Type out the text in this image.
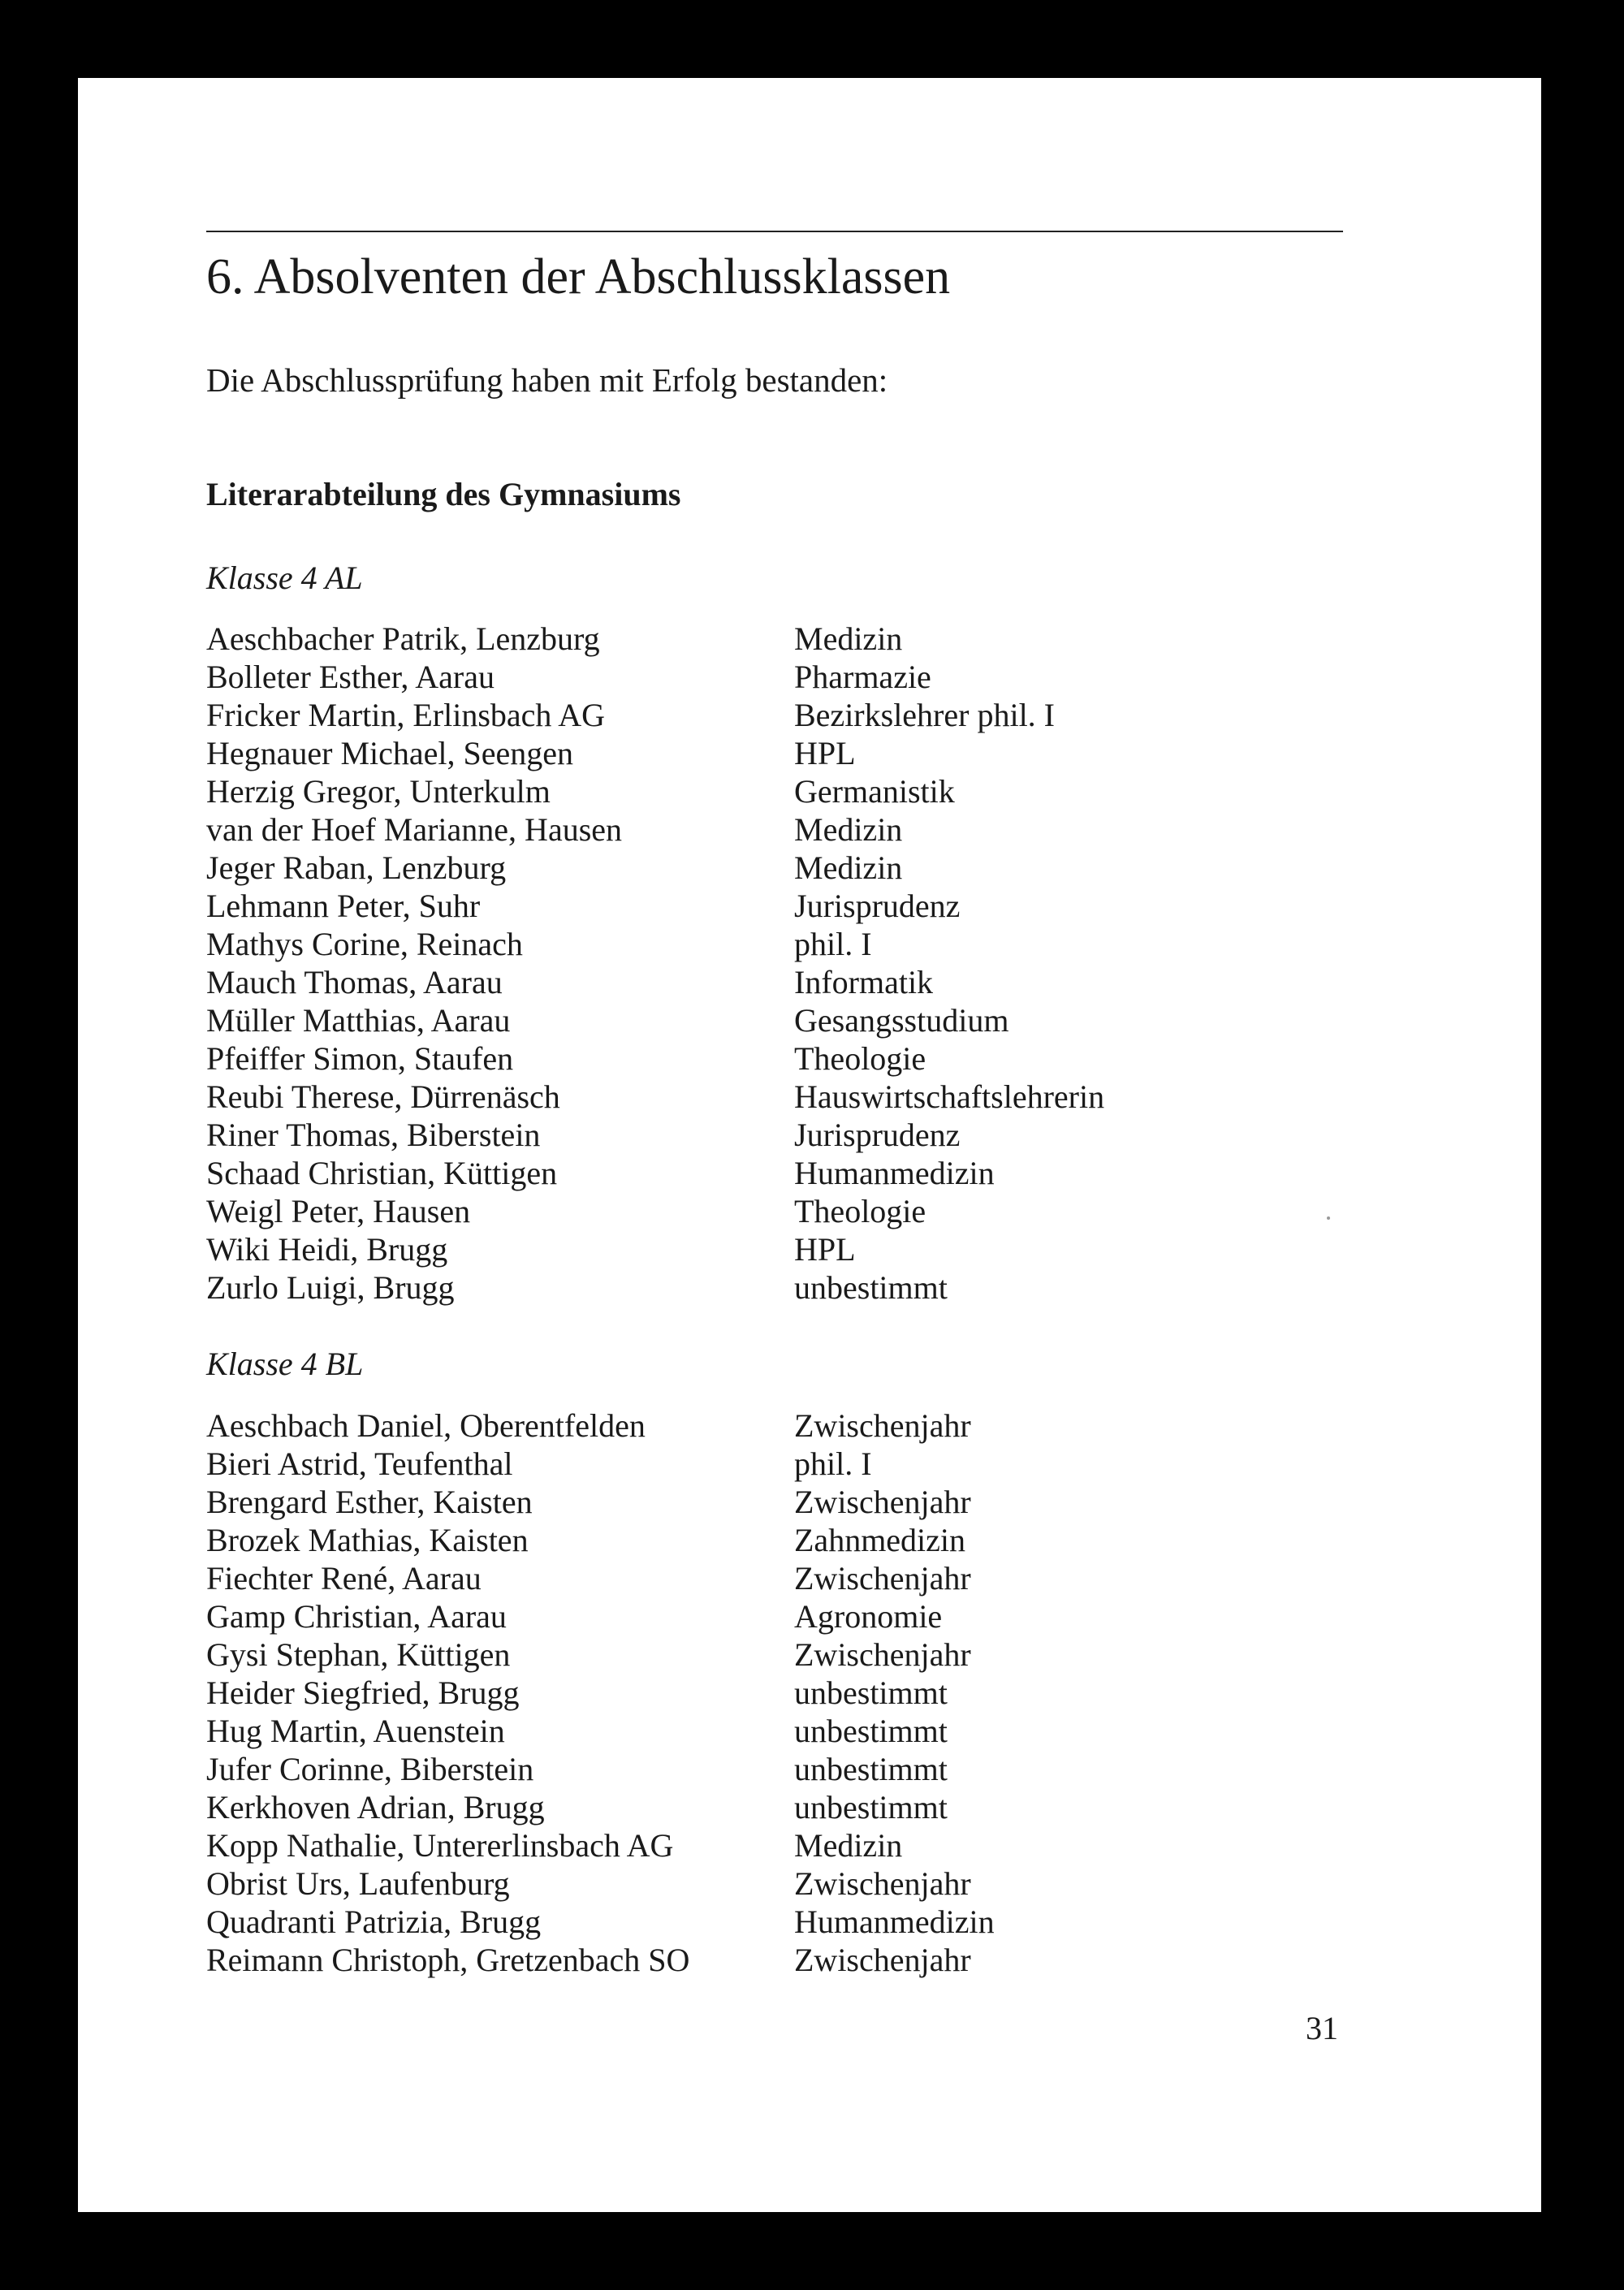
6. Absolventen der Abschlussklassen
Die Abschlussprüfung haben mit Erfolg bestanden:
Literarabteilung des Gymnasiums
Klasse 4 AL
Aeschbacher Patrik, Lenzburg	Medizin
Bolleter Esther, Aarau	Pharmazie
Fricker Martin, Erlinsbach AG	Bezirkslehrer phil. I
Hegnauer Michael, Seengen	HPL
Herzig Gregor, Unterkulm	Germanistik
van der Hoef Marianne, Hausen	Medizin
Jeger Raban, Lenzburg	Medizin
Lehmann Peter, Suhr	Jurisprudenz
Mathys Corine, Reinach	phil. I
Mauch Thomas, Aarau	Informatik
Müller Matthias, Aarau	Gesangsstudium
Pfeiffer Simon, Staufen	Theologie
Reubi Therese, Dürrenäsch	Hauswirtschaftslehrerin
Riner Thomas, Biberstein	Jurisprudenz
Schaad Christian, Küttigen	Humanmedizin
Weigl Peter, Hausen	Theologie
Wiki Heidi, Brugg	HPL
Zurlo Luigi, Brugg	unbestimmt
Klasse 4 BL
Aeschbach Daniel, Oberentfelden	Zwischenjahr
Bieri Astrid, Teufenthal	phil. I
Brengard Esther, Kaisten	Zwischenjahr
Brozek Mathias, Kaisten	Zahnmedizin
Fiechter René, Aarau	Zwischenjahr
Gamp Christian, Aarau	Agronomie
Gysi Stephan, Küttigen	Zwischenjahr
Heider Siegfried, Brugg	unbestimmt
Hug Martin, Auenstein	unbestimmt
Jufer Corinne, Biberstein	unbestimmt
Kerkhoven Adrian, Brugg	unbestimmt
Kopp Nathalie, Untererlinsbach AG	Medizin
Obrist Urs, Laufenburg	Zwischenjahr
Quadranti Patrizia, Brugg	Humanmedizin
Reimann Christoph, Gretzenbach SO	Zwischenjahr
31
